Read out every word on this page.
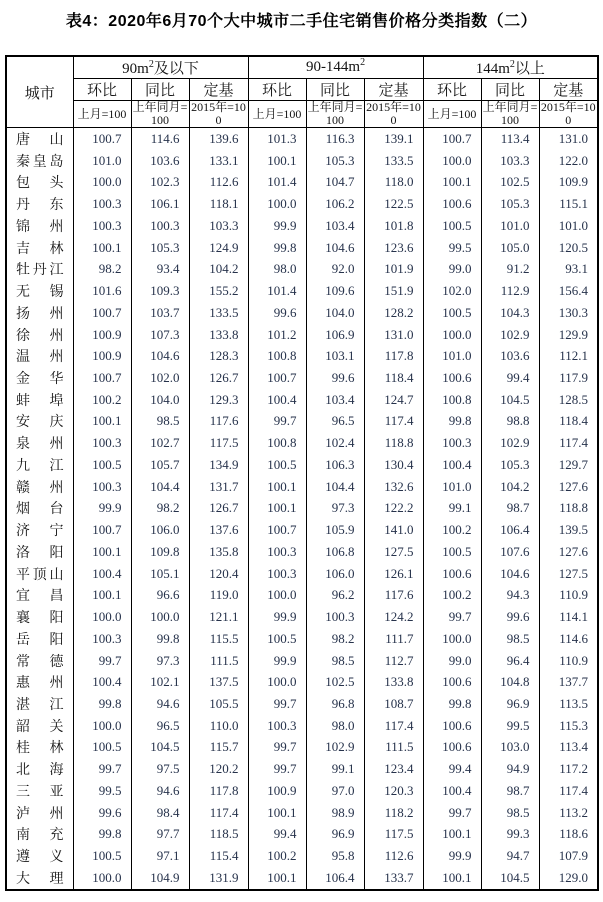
表4：2020年6月70个大中城市二手住宅销售价格分类指数（二）
城市	$90m^2$及以下			$90-144m^2$			$144m^2$以上		
	环比	同比	定基	环比	同比	定基	环比	同比	定基
	上月=100	上年同月=100	2015年=100	上月=100	上年同月=100	2015年=100	上月=100	上年同月=100	2015年=100
唐山	100.7	114.6	139.6	101.3	116.3	139.1	100.7	113.4	131.0
秦皇岛	101.0	103.6	133.1	100.1	105.3	133.5	100.0	103.3	122.0
包头	100.0	102.3	112.6	101.4	104.7	118.0	100.1	102.5	109.9
丹东	100.3	106.1	118.1	100.0	106.2	122.5	100.6	105.3	115.1
锦州	100.3	100.3	103.3	99.9	103.4	101.8	100.5	101.0	101.0
吉林	100.1	105.3	124.9	99.8	104.6	123.6	99.5	105.0	120.5
牡丹江	98.2	93.4	104.2	98.0	92.0	101.9	99.0	91.2	93.1
无锡	101.6	109.3	155.2	101.4	109.6	151.9	102.0	112.9	156.4
扬州	100.7	103.7	133.5	99.6	104.0	128.2	100.5	104.3	130.3
徐州	100.9	107.3	133.8	101.2	106.9	131.0	100.0	102.9	129.9
温州	100.9	104.6	128.3	100.8	103.1	117.8	101.0	103.6	112.1
金华	100.7	102.0	126.7	100.7	99.6	118.4	100.6	99.4	117.9
蚌埠	100.2	104.0	129.3	100.4	103.4	124.7	100.8	104.5	128.5
安庆	100.1	98.5	117.6	99.7	96.5	117.4	99.8	98.8	118.4
泉州	100.3	102.7	117.5	100.8	102.4	118.8	100.3	102.9	117.4
九江	100.5	105.7	134.9	100.5	106.3	130.4	100.4	105.3	129.7
赣州	100.3	104.4	131.7	100.1	104.4	132.6	101.0	104.2	127.6
烟台	99.9	98.2	126.7	100.1	97.3	122.2	99.1	98.7	118.8
济宁	100.7	106.0	137.6	100.7	105.9	141.0	100.2	106.4	139.5
洛阳	100.1	109.8	135.8	100.3	106.8	127.5	100.5	107.6	127.6
平顶山	100.4	105.1	120.4	100.3	106.0	126.1	100.6	104.6	127.5
宜昌	100.1	96.6	119.0	100.0	96.2	117.6	100.2	94.3	110.9
襄阳	100.0	100.0	121.1	99.9	100.3	124.2	99.7	99.6	114.1
岳阳	100.3	99.8	115.5	100.5	98.2	111.7	100.0	98.5	114.6
常德	99.7	97.3	111.5	99.9	98.5	112.7	99.0	96.4	110.9
惠州	100.4	102.1	137.5	100.0	102.5	133.8	100.6	104.8	137.7
湛江	99.8	94.6	105.5	99.7	96.8	108.7	99.8	96.9	113.5
韶关	100.0	96.5	110.0	100.3	98.0	117.4	100.6	99.5	115.3
桂林	100.5	104.5	115.7	99.7	102.9	111.5	100.6	103.0	113.4
北海	99.7	97.5	120.2	99.7	99.1	123.4	99.4	94.9	117.2
三亚	99.5	94.6	117.8	100.9	97.0	120.3	100.4	98.7	117.4
泸州	99.6	98.4	117.4	100.1	98.9	118.2	99.7	98.5	113.2
南充	99.8	97.7	118.5	99.4	96.9	117.5	100.1	99.3	118.6
遵义	100.5	97.1	115.4	100.2	95.8	112.6	99.9	94.7	107.9
大理	100.0	104.9	131.9	100.1	106.4	133.7	100.1	104.5	129.0
